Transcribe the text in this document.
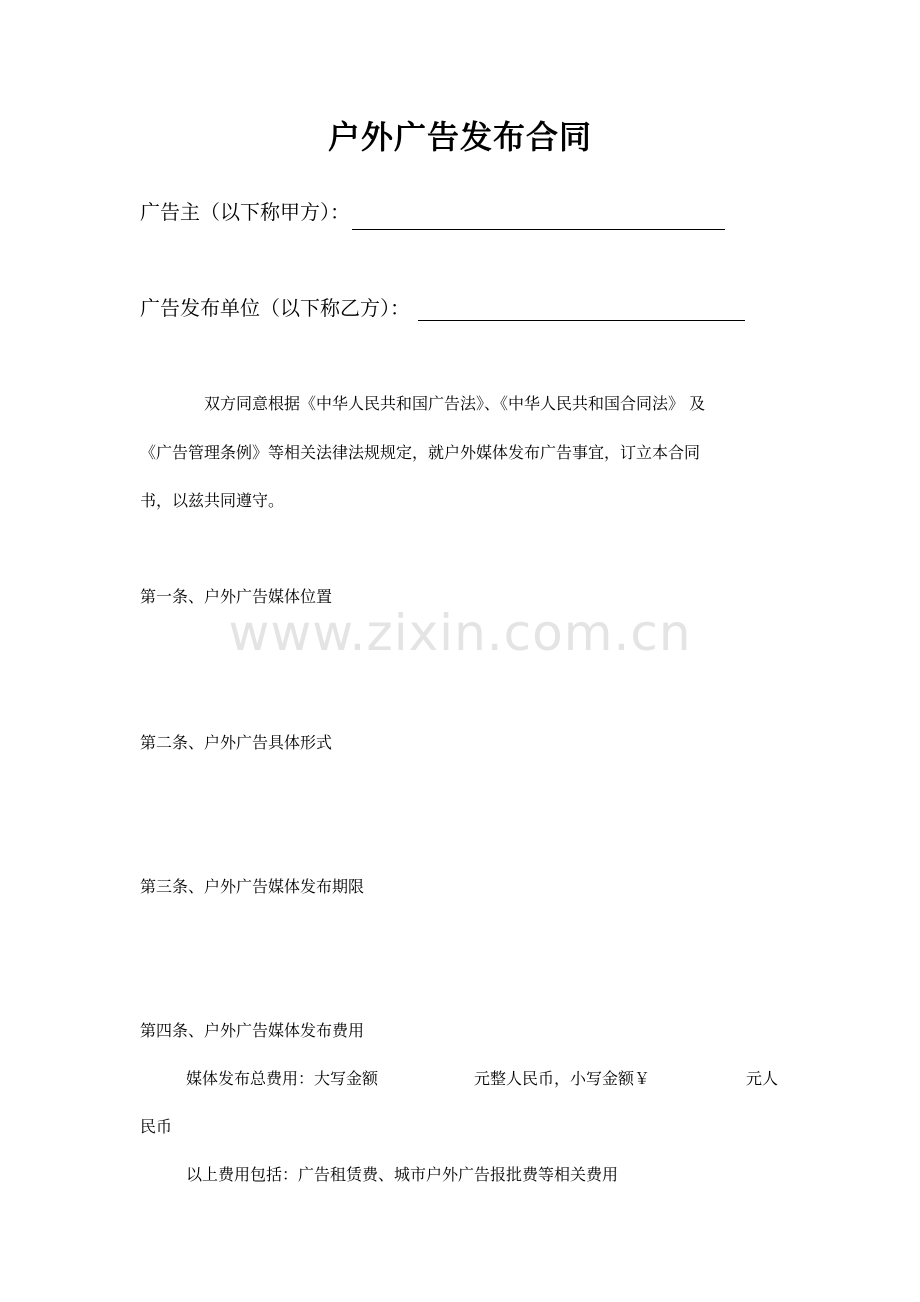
户外广告发布合同
广告主（以下称甲方）：
广告发布单位（以下称乙方）：
双方同意根据《中华人民共和国广告法》、《中华人民共和国合同法》 及
《广告管理条例》等相关法律法规规定，就户外媒体发布广告事宜，订立本合同
书，以兹共同遵守。
第一条、户外广告媒体位置
www.zixin.com.cn
第二条、户外广告具体形式
第三条、户外广告媒体发布期限
第四条、户外广告媒体发布费用
媒体发布总费用：大写金额	元整人民币，小写金额￥	元人
民币
以上费用包括：广告租赁费、城市户外广告报批费等相关费用
